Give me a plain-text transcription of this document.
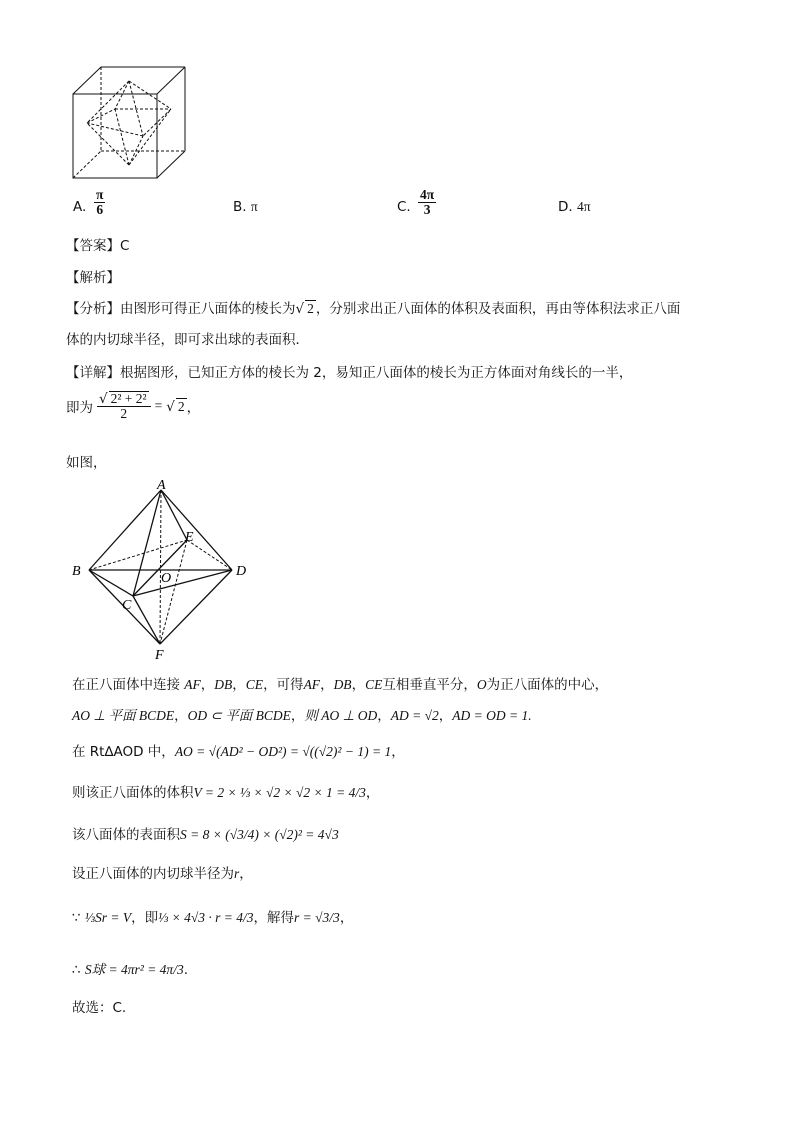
A. $\frac{\pi}{6}$	B. π	C. $\frac{4\pi}{3}$	D. 4π
【答案】C
【解析】
【分析】由图形可得正八面体的棱长为√ 2 ，分别求出正八面体的体积及表面积，再由等体积法求正八面
体的内切球半径，即可求出球的表面积．
【详解】根据图形，已知正方体的棱长为 2，易知正八面体的棱长为正方体面对角线长的一半，
即为 $\frac{\text{√ 2² + 2²}}{2}$ = √ 2 ，
如图，
A
B
C
D
E
F
O
在正八面体中连接 AF，DB，CE，可得AF，DB，CE互相垂直平分，O为正八面体的中心，
AO ⊥ 平面 BCDE，OD ⊂ 平面 BCDE，则 AO ⊥ OD，AD = √2，AD = OD = 1.
在 Rt∆AOD 中，AO = √(AD² − OD²) = √((√2)² − 1) = 1，
则该正八面体的体积V = 2 × ⅓ × √2 × √2 × 1 = 4/3，
该八面体的表面积S = 8 × (√3/4) × (√2)² = 4√3
设正八面体的内切球半径为r，
∵ ⅓Sr = V，即⅓ × 4√3 · r = 4/3，解得r = √3/3，
∴ S球 = 4πr² = 4π/3.
故选：C.
